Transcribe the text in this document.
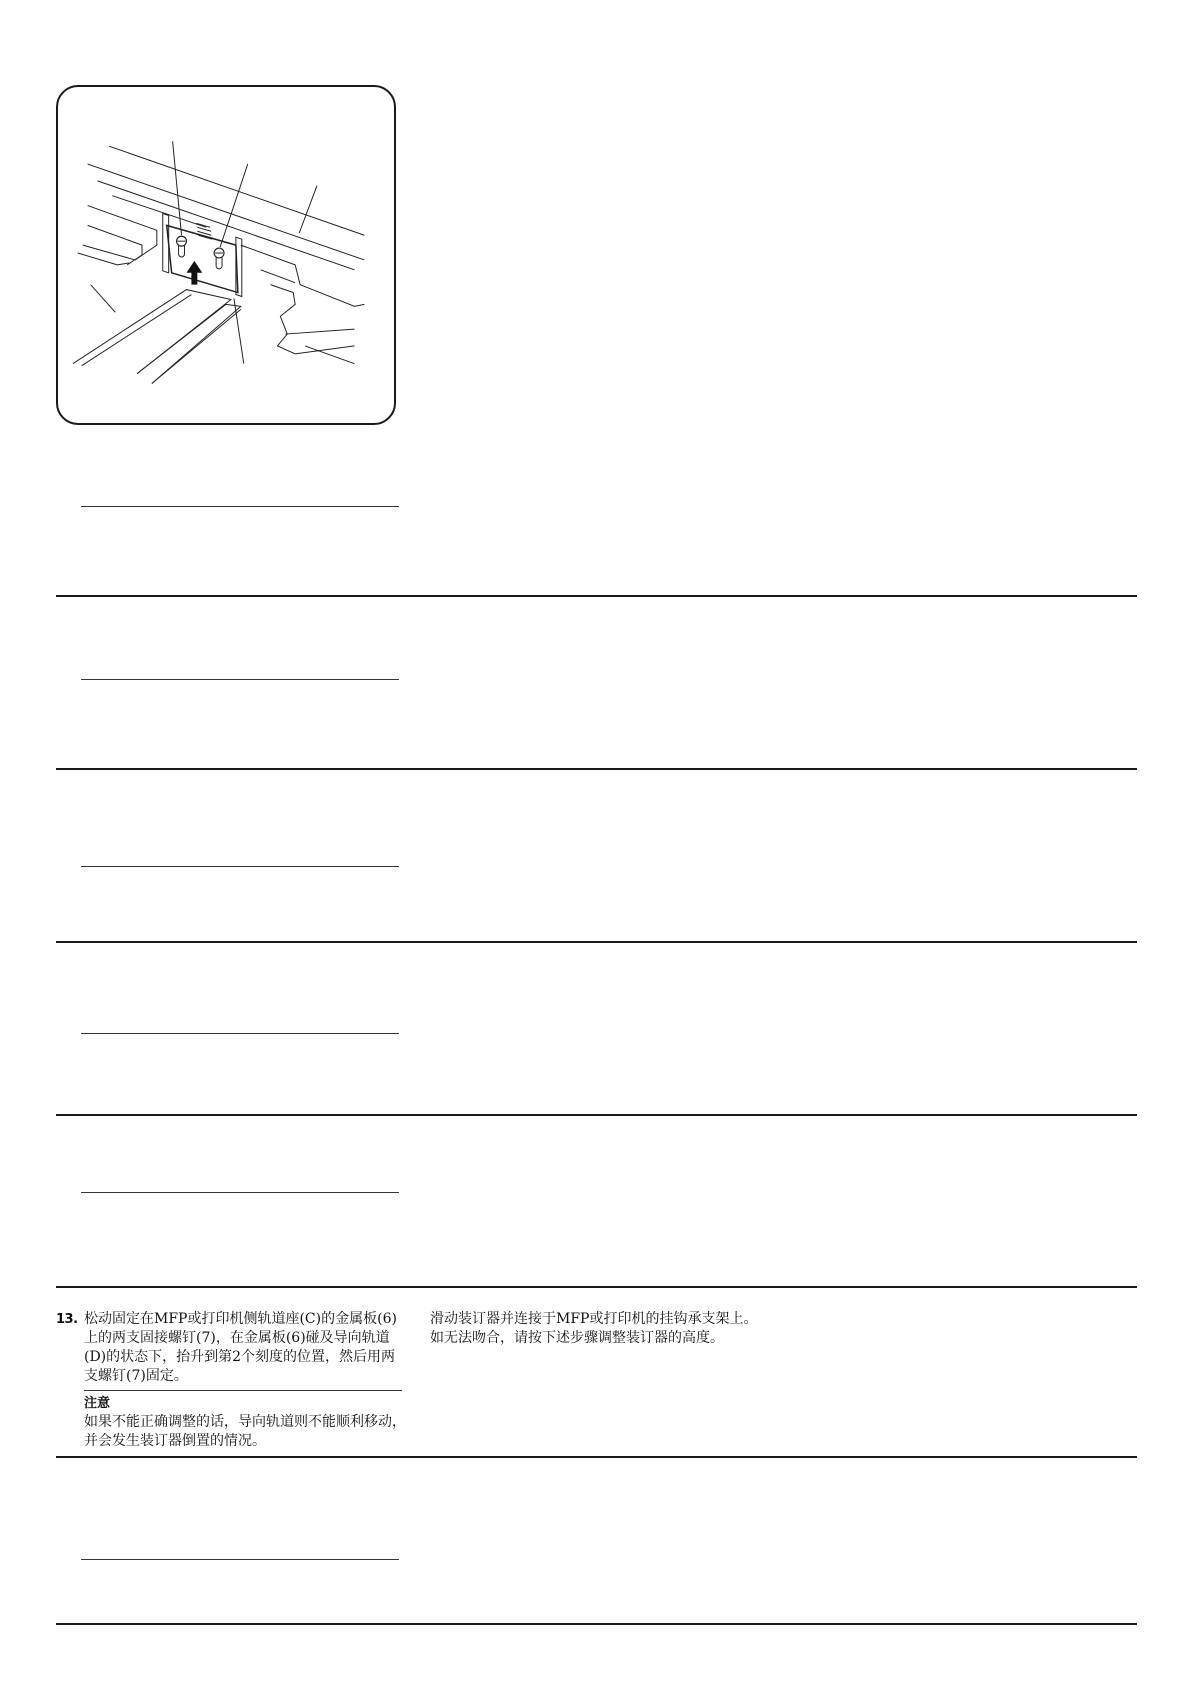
13. 松动固定在MFP或打印机侧轨道座(C)的金属板(6)上的两支固接螺钉(7)，在金属板(6)碰及导向轨道(D)的状态下，抬升到第2个刻度的位置，然后用两支螺钉(7)固定。

注意

如果不能正确调整的话，导向轨道则不能顺利移动，并会发生装订器倒置的情况。

滑动装订器并连接于MFP或打印机的挂钩承支架上。
如无法吻合，请按下述步骤调整装订器的高度。
